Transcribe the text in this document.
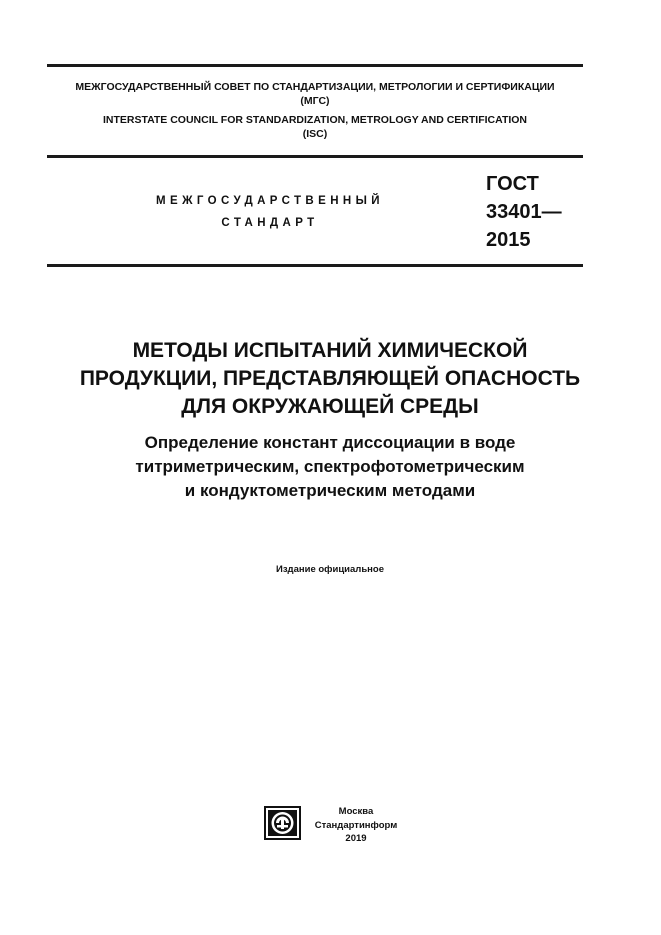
МЕЖГОСУДАРСТВЕННЫЙ СОВЕТ ПО СТАНДАРТИЗАЦИИ, МЕТРОЛОГИИ И СЕРТИФИКАЦИИ
(МГС)
INTERSTATE COUNCIL FOR STANDARDIZATION, METROLOGY AND CERTIFICATION
(ISC)
МЕЖГОСУДАРСТВЕННЫЙ
СТАНДАРТ
ГОСТ
33401—
2015
МЕТОДЫ ИСПЫТАНИЙ ХИМИЧЕСКОЙ
ПРОДУКЦИИ, ПРЕДСТАВЛЯЮЩЕЙ ОПАСНОСТЬ
ДЛЯ ОКРУЖАЮЩЕЙ СРЕДЫ
Определение констант диссоциации в воде
титриметрическим, спектрофотометрическим
и кондуктометрическим методами
Издание официальное
Москва
Стандартинформ
2019
